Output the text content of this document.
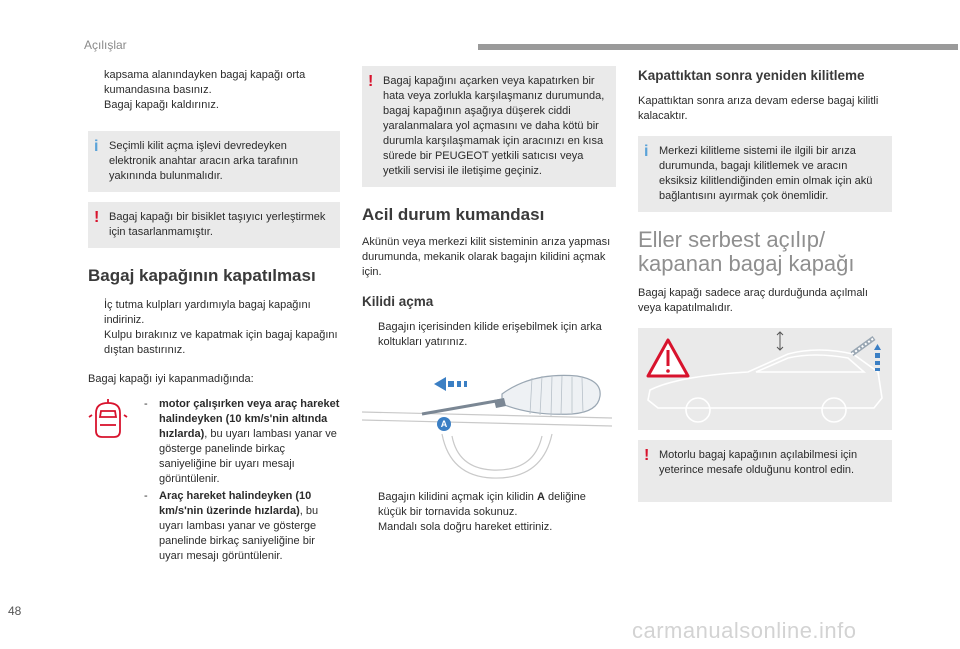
Açılışlar

kapsama alanındayken bagaj kapağı orta kumandasına basınız.

Bagaj kapağı kaldırınız.
i Seçimli kilit açma işlevi devredeyken elektronik anahtar aracın arka tarafının yakınında bulunmalıdır.

! Bagaj kapağı bir bisiklet taşıyıcı yerleştirmek için tasarlanmamıştır.

Bagaj kapağının kapatılması
İç tutma kulpları yardımıyla bagaj kapağını indiriniz.
Kulpu bırakınız ve kapatmak için bagaj kapağını dıştan bastırınız.

Bagaj kapağı iyi kapanmadığında:

-	motor çalışırken veya araç hareket halindeyken (10 km/s'nin altında hızlarda), bu uyarı lambası yanar ve gösterge panelinde birkaç saniyeliğine bir uyarı mesajı görüntülenir.
-	Araç hareket halindeyken (10 km/s'nin üzerinde hızlarda), bu uyarı lambası yanar ve gösterge panelinde birkaç saniyeliğine bir uyarı mesajı görüntülenir.
! Bagaj kapağını açarken veya kapatırken bir hata veya zorlukla karşılaşmanız durumunda, bagaj kapağının aşağıya düşerek ciddi yaralanmalara yol açmasını ve daha kötü bir durumla karşılaşmamak için aracınızı en kısa sürede bir PEUGEOT yetkili satıcısı veya yetkili servisi ile iletişime geçiniz.

Acil durum kumandası

Akünün veya merkezi kilit sisteminin arıza yapması durumunda, mekanik olarak bagajın kilidini açmak için.

Kilidi açma
Bagajın içerisinden kilide erişebilmek için arka koltukları yatırınız.
A
Bagajın kilidini açmak için kilidin A deliğine küçük bir tornavida sokunuz.
Mandalı sola doğru hareket ettiriniz.
Kapattıktan sonra yeniden kilitleme

Kapattıktan sonra arıza devam ederse bagaj kilitli kalacaktır.

i Merkezi kilitleme sistemi ile ilgili bir arıza durumunda, bagajı kilitlemek ve aracın eksiksiz kilitlendiğinden emin olmak için akü bağlantısını ayırmak çok önemlidir.

Eller serbest açılıp/ kapanan bagaj kapağı

Bagaj kapağı sadece araç durduğunda açılmalı veya kapatılmalıdır.

! Motorlu bagaj kapağının açılabilmesi için yeterince mesafe olduğunu kontrol edin.

48
carmanualsonline.info
